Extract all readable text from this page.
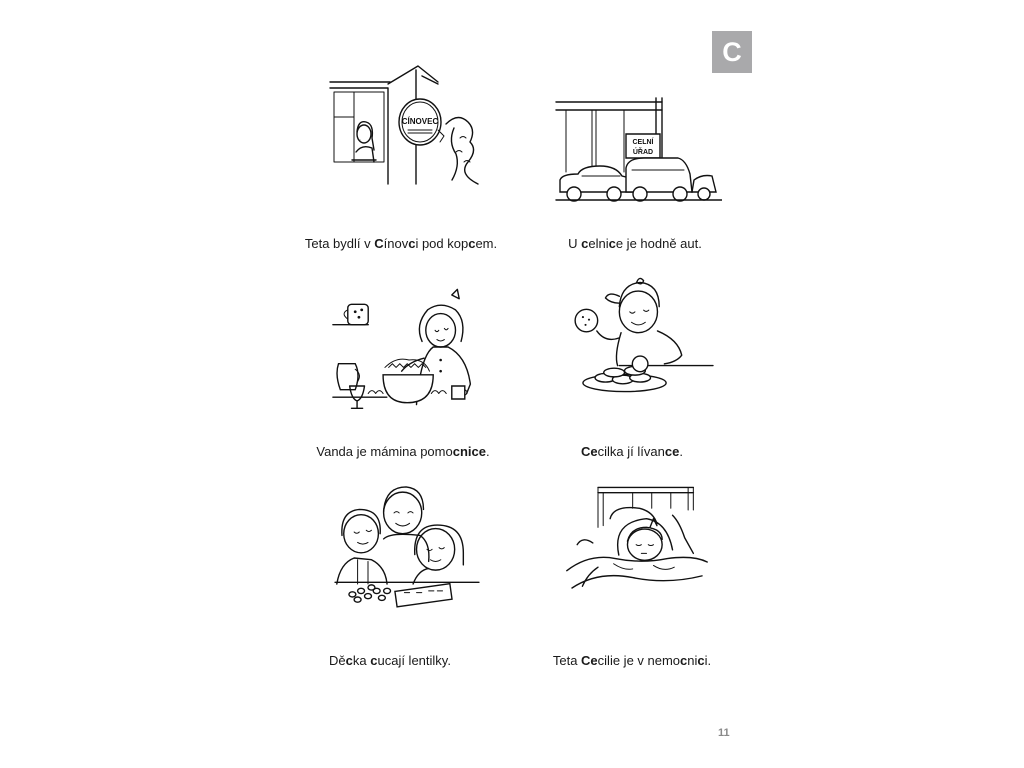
C
CÍNOVEC
CELNÍ
ÚŘAD
Teta bydlí v Cínovci pod kopcem.	U celnice je hodně aut.
Vanda je mámina pomocnice.	Cecilka jí lívance.
Děcka cucají lentilky.	Teta Cecilie je v nemocnici.
11
